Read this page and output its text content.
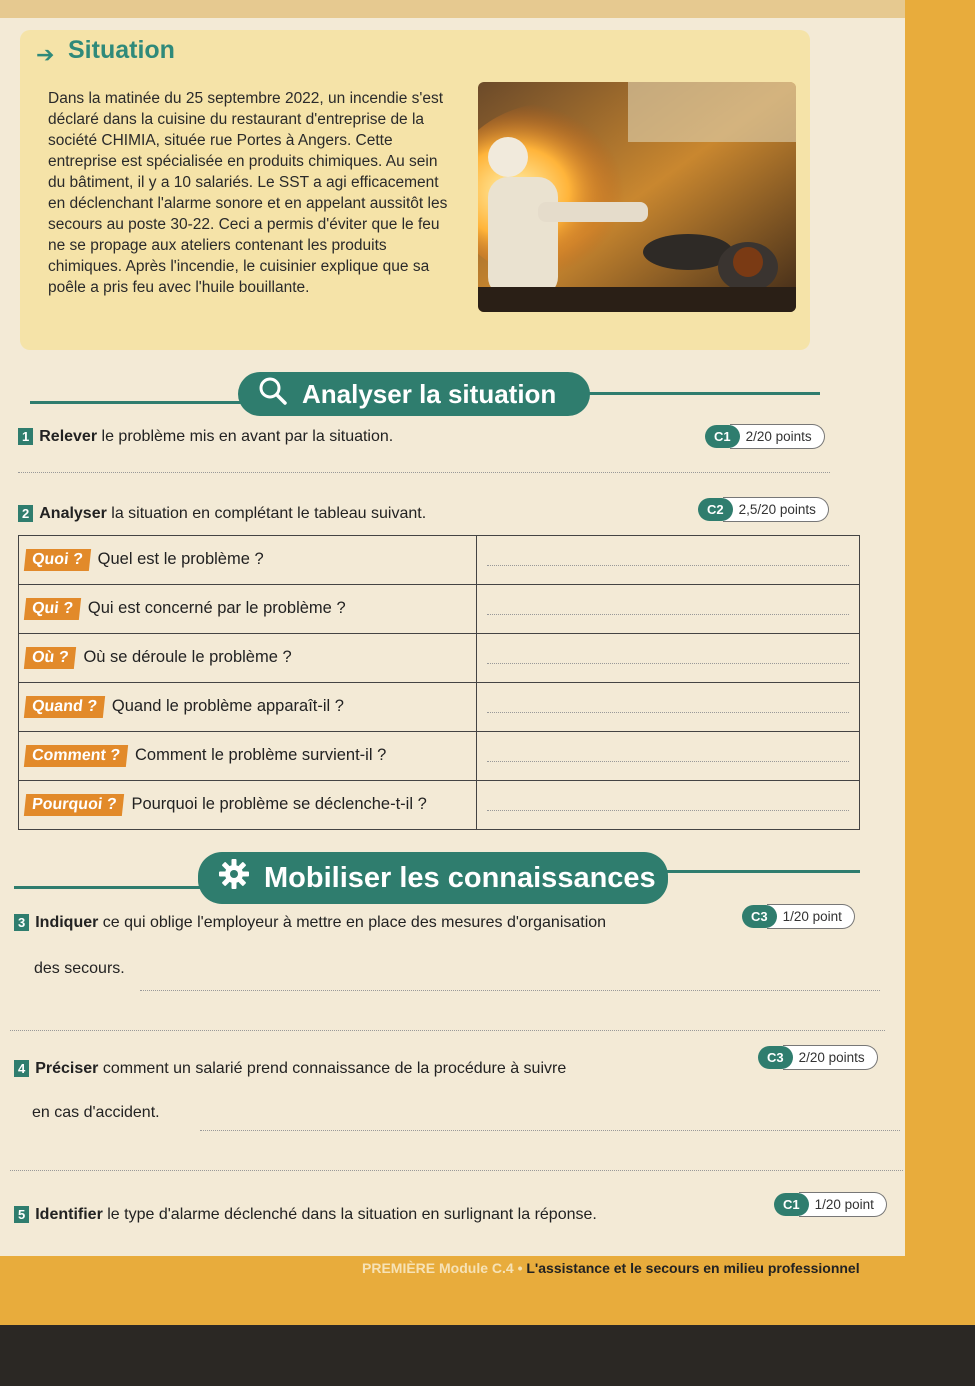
➔ Situation
Dans la matinée du 25 septembre 2022, un incendie s'est déclaré dans la cuisine du restaurant d'entreprise de la société CHIMIA, située rue Portes à Angers. Cette entreprise est spécialisée en produits chimiques. Au sein du bâtiment, il y a 10 salariés. Le SST a agi efficacement en déclenchant l'alarme sonore et en appelant aussitôt les secours au poste 30-22. Ceci a permis d'éviter que le feu ne se propage aux ateliers contenant les produits chimiques. Après l'incendie, le cuisinier explique que sa poêle a pris feu avec l'huile bouillante.
Analyser la situation
1 Relever le problème mis en avant par la situation.	C1	2/20 points
2 Analyser la situation en complétant le tableau suivant.	C2	2,5/20 points
Quoi ? Quel est le problème ?	

Qui ? Qui est concerné par le problème ?	

Où ? Où se déroule le problème ?	

Quand ? Quand le problème apparaît-il ?	

Comment ? Comment le problème survient-il ?	

Pourquoi ? Pourquoi le problème se déclenche-t-il ?	
Mobiliser les connaissances
3 Indiquer ce qui oblige l'employeur à mettre en place des mesures d'organisation
des secours.
C3	1/20 point
4 Préciser comment un salarié prend connaissance de la procédure à suivre
en cas d'accident.
C3	2/20 points
5 Identifier le type d'alarme déclenché dans la situation en surlignant la réponse.
C1	1/20 point
PREMIÈRE Module C.4 • L'assistance et le secours en milieu professionnel
